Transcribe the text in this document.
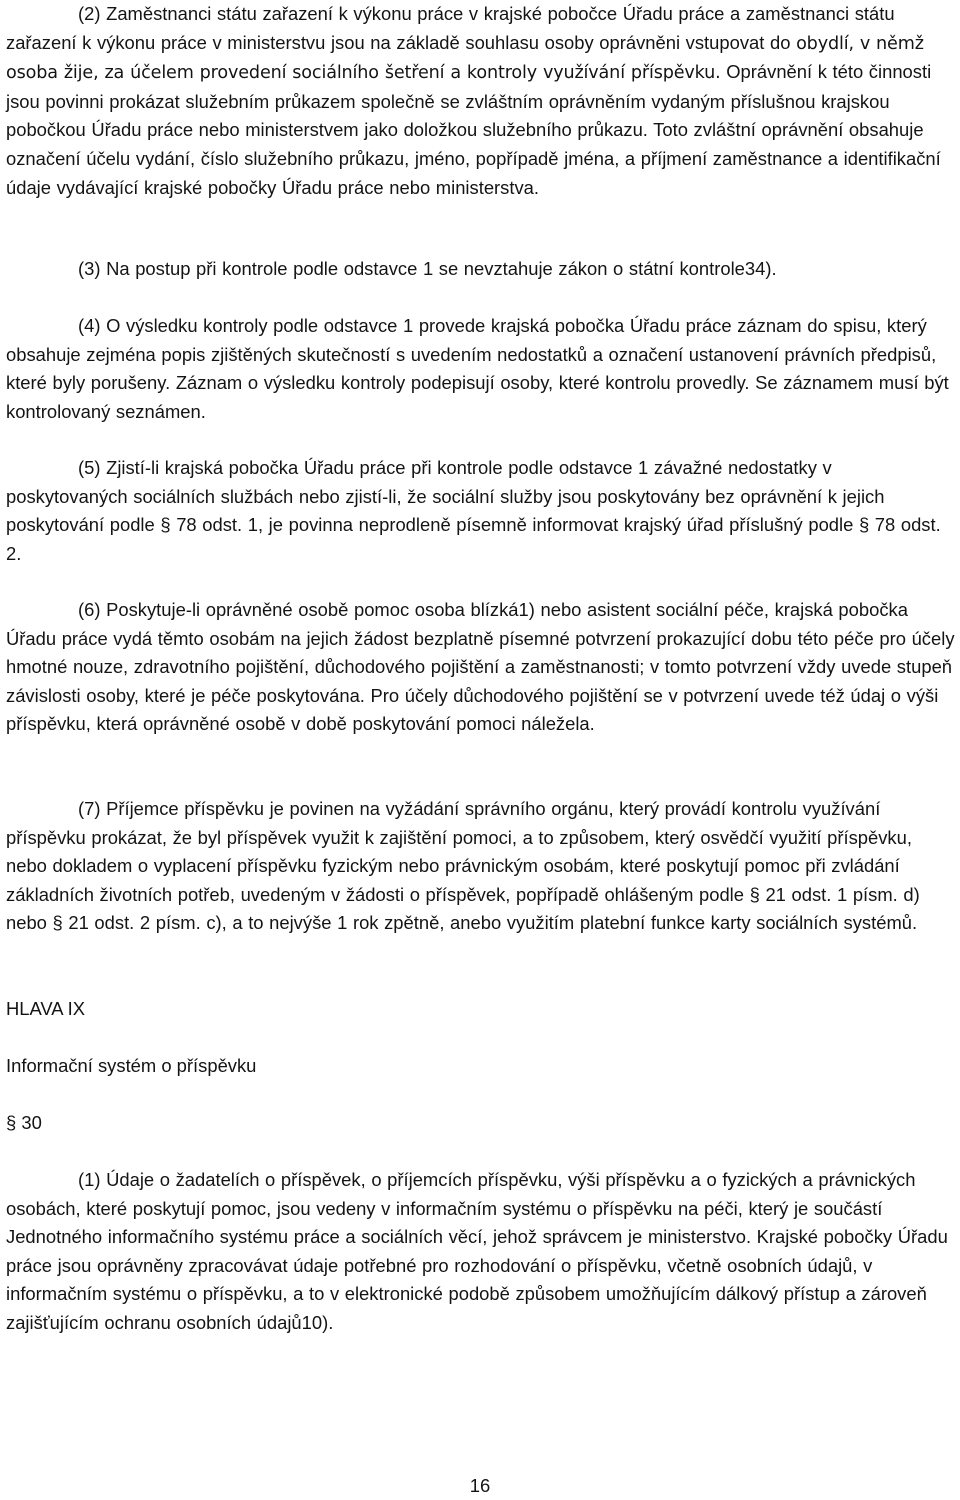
(2) Zaměstnanci státu zařazení k výkonu práce v krajské pobočce Úřadu práce a zaměstnanci státu zařazení k výkonu práce v ministerstvu jsou na základě souhlasu osoby oprávněni vstupovat do obydlí, v němž osoba žije, za účelem provedení sociálního šetření a kontroly využívání příspěvku. Oprávnění k této činnosti jsou povinni prokázat služebním průkazem společně se zvláštním oprávněním vydaným příslušnou krajskou pobočkou Úřadu práce nebo ministerstvem jako doložkou služebního průkazu. Toto zvláštní oprávnění obsahuje označení účelu vydání, číslo služebního průkazu, jméno, popřípadě jména, a příjmení zaměstnance a identifikační údaje vydávající krajské pobočky Úřadu práce nebo ministerstva.

(3) Na postup při kontrole podle odstavce 1 se nevztahuje zákon o státní kontrole34).

(4) O výsledku kontroly podle odstavce 1 provede krajská pobočka Úřadu práce záznam do spisu, který obsahuje zejména popis zjištěných skutečností s uvedením nedostatků a označení ustanovení právních předpisů, které byly porušeny. Záznam o výsledku kontroly podepisují osoby, které kontrolu provedly. Se záznamem musí být kontrolovaný seznámen.

(5) Zjistí-li krajská pobočka Úřadu práce při kontrole podle odstavce 1 závažné nedostatky v poskytovaných sociálních službách nebo zjistí-li, že sociální služby jsou poskytovány bez oprávnění k jejich poskytování podle § 78 odst. 1, je povinna neprodleně písemně informovat krajský úřad příslušný podle § 78 odst. 2.

(6) Poskytuje-li oprávněné osobě pomoc osoba blízká1) nebo asistent sociální péče, krajská pobočka Úřadu práce vydá těmto osobám na jejich žádost bezplatně písemné potvrzení prokazující dobu této péče pro účely hmotné nouze, zdravotního pojištění, důchodového pojištění a zaměstnanosti; v tomto potvrzení vždy uvede stupeň závislosti osoby, které je péče poskytována. Pro účely důchodového pojištění se v potvrzení uvede též údaj o výši příspěvku, která oprávněné osobě v době poskytování pomoci náležela.

(7) Příjemce příspěvku je povinen na vyžádání správního orgánu, který provádí kontrolu využívání příspěvku prokázat, že byl příspěvek využit k zajištění pomoci, a to způsobem, který osvědčí využití příspěvku, nebo dokladem o vyplacení příspěvku fyzickým nebo právnickým osobám, které poskytují pomoc při zvládání základních životních potřeb, uvedeným v žádosti o příspěvek, popřípadě ohlášeným podle § 21 odst. 1 písm. d) nebo § 21 odst. 2 písm. c), a to nejvýše 1 rok zpětně, anebo využitím platební funkce karty sociálních systémů.

HLAVA IX

Informační systém o příspěvku

§ 30

(1) Údaje o žadatelích o příspěvek, o příjemcích příspěvku, výši příspěvku a o fyzických a právnických osobách, které poskytují pomoc, jsou vedeny v informačním systému o příspěvku na péči, který je součástí Jednotného informačního systému práce a sociálních věcí, jehož správcem je ministerstvo. Krajské pobočky Úřadu práce jsou oprávněny zpracovávat údaje potřebné pro rozhodování o příspěvku, včetně osobních údajů, v informačním systému o příspěvku, a to v elektronické podobě způsobem umožňujícím dálkový přístup a zároveň zajišťujícím ochranu osobních údajů10).

16
